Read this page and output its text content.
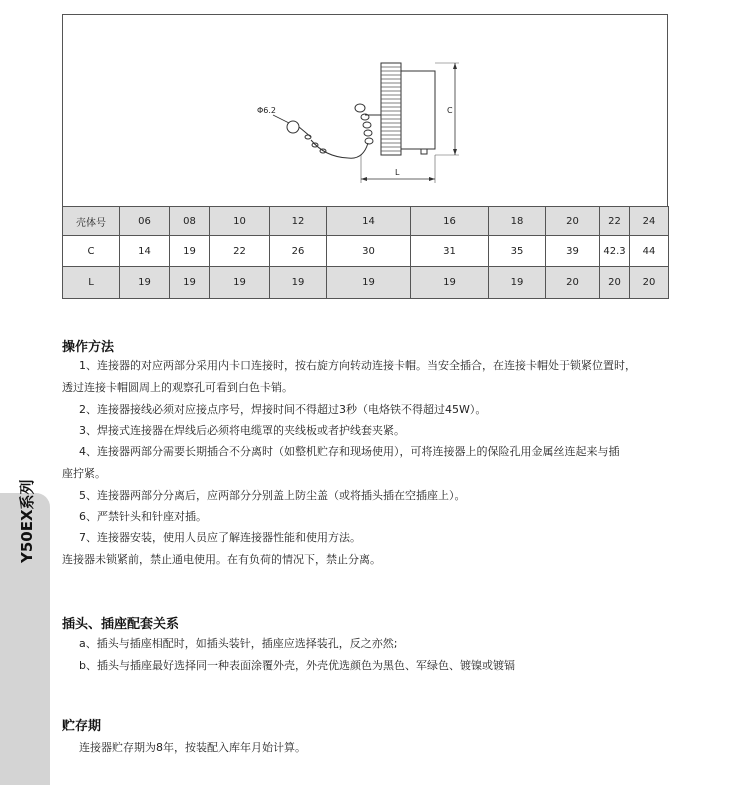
Φ6.2	C
L
壳体号	06	08	10	12	14	16	18	20	22	24
C	14	19	22	26	30	31	35	39	42.3	44
L	19	19	19	19	19	19	19	20	20	20
Y50EX系列
操作方法
1、连接器的对应两部分采用内卡口连接时，按右旋方向转动连接卡帽。当安全插合，在连接卡帽处于锁紧位置时，
透过连接卡帽圆周上的观察孔可看到白色卡销。
2、连接器接线必须对应接点序号，焊接时间不得超过3秒（电烙铁不得超过45W）。
3、焊接式连接器在焊线后必须将电缆罩的夹线板或者护线套夹紧。
4、连接器两部分需要长期插合不分离时（如整机贮存和现场使用），可将连接器上的保险孔用金属丝连起来与插
座拧紧。
5、连接器两部分分离后，应两部分分别盖上防尘盖（或将插头插在空插座上）。
6、严禁针头和针座对插。
7、连接器安装，使用人员应了解连接器性能和使用方法。
连接器未锁紧前，禁止通电使用。在有负荷的情况下，禁止分离。
插头、插座配套关系
a、插头与插座相配时，如插头装针，插座应选择装孔，反之亦然;
b、插头与插座最好选择同一种表面涂覆外壳，外壳优选颜色为黑色、军绿色、镀镍或镀镉
贮存期
连接器贮存期为8年，按装配入库年月始计算。
